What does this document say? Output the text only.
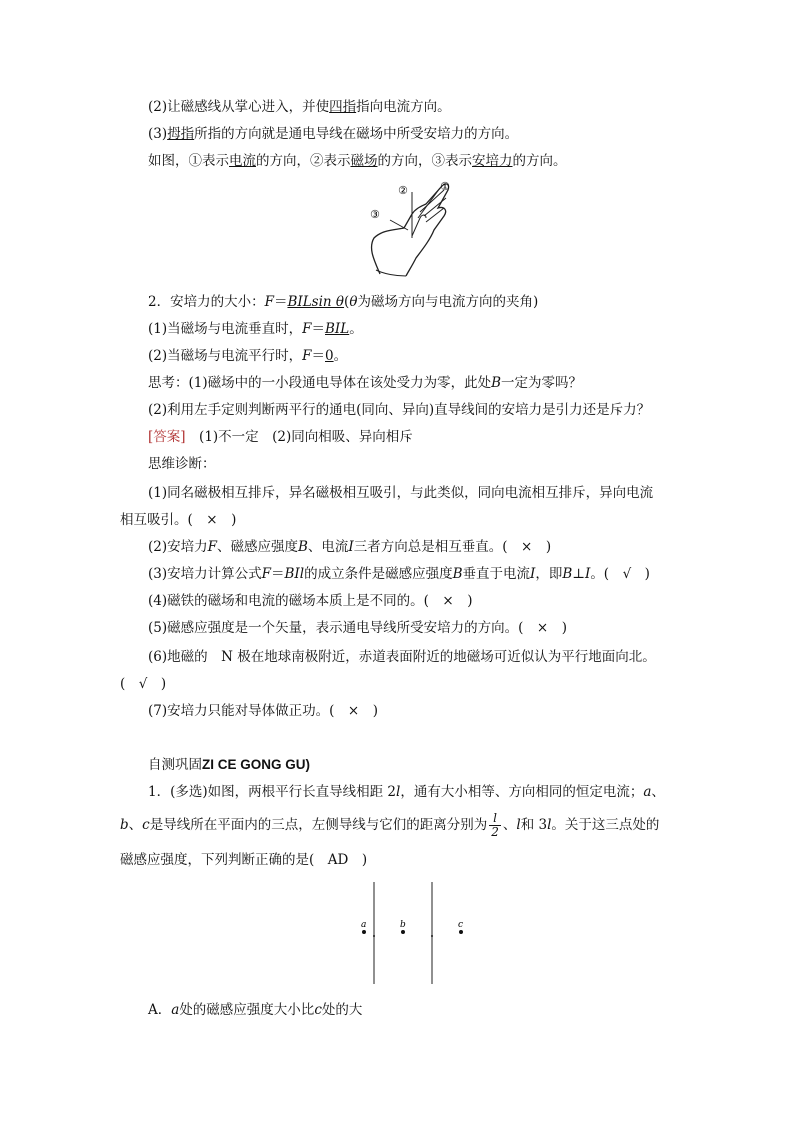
(2)让磁感线从掌心进入，并使四指指向电流方向。
(3)拇指所指的方向就是通电导线在磁场中所受安培力的方向。
如图，①表示电流的方向，②表示磁场的方向，③表示安培力的方向。
①
②
③
2．安培力的大小：F＝BILsin θ(θ为磁场方向与电流方向的夹角)
(1)当磁场与电流垂直时，F＝BIL。
(2)当磁场与电流平行时，F＝0。
思考：(1)磁场中的一小段通电导体在该处受力为零，此处B一定为零吗？
(2)利用左手定则判断两平行的通电(同向、异向)直导线间的安培力是引力还是斥力？
[答案]　 (1)不一定　(2)同向相吸、异向相斥
思维诊断：
(1)同名磁极相互排斥，异名磁极相互吸引，与此类似，同向电流相互排斥，异向电流
相互吸引。(　×　)
(2)安培力F、磁感应强度B、电流I三者方向总是相互垂直。(　×　)
(3)安培力计算公式F＝BIl的成立条件是磁感应强度B垂直于电流I，即B⊥I。(　√　)
(4)磁铁的磁场和电流的磁场本质上是不同的。(　×　)
(5)磁感应强度是一个矢量，表示通电导线所受安培力的方向。(　×　)
(6)地磁的　N 极在地球南极附近，赤道表面附近的地磁场可近似认为平行地面向北。
(　√　)
(7)安培力只能对导体做正功。(　×　)
自测巩固ZI CE GONG GU)
1．(多选)如图，两根平行长直导线相距 2l，通有大小相等、方向相同的恒定电流；a、
b、c是导线所在平面内的三点，左侧导线与它们的距离分别为 $\frac{l}{2}$ 、l和 3l。关于这三点处的
磁感应强度，下列判断正确的是(　AD　)
a	b	c
A．a处的磁感应强度大小比c处的大
